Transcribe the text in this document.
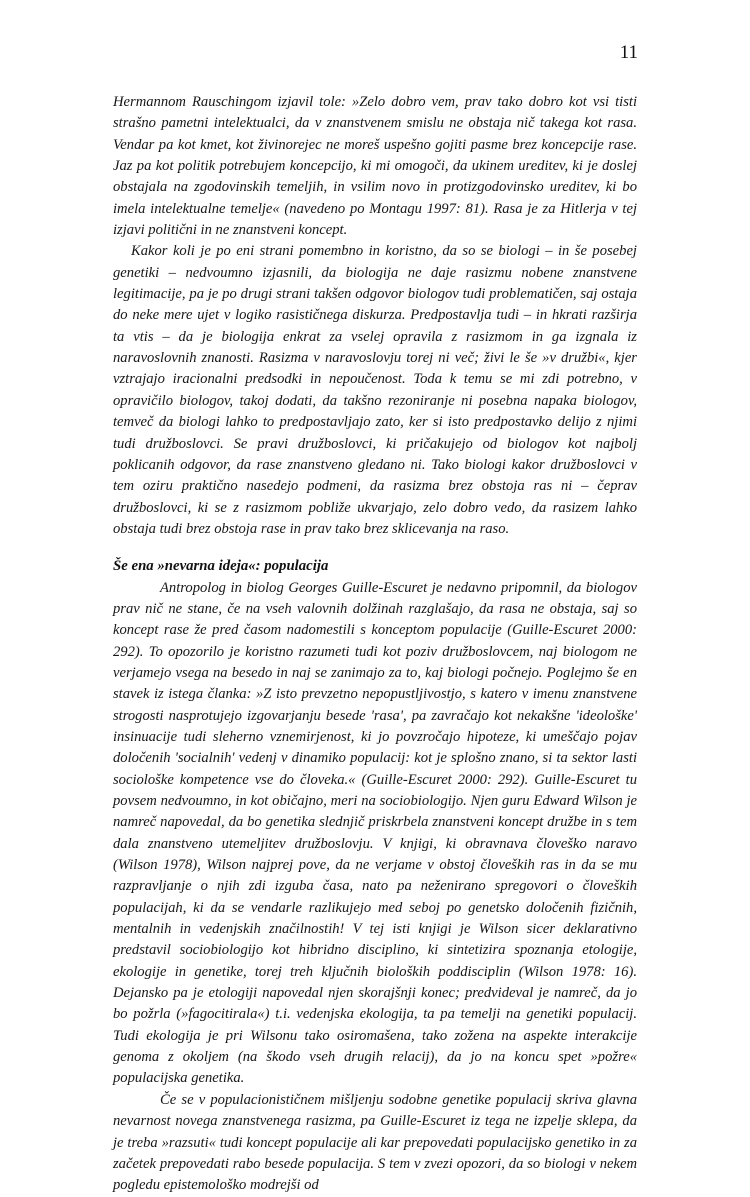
11

Hermannom Rauschingom izjavil tole: »Zelo dobro vem, prav tako dobro kot vsi tisti strašno pametni intelektualci, da v znanstvenem smislu ne obstaja nič takega kot rasa. Vendar pa kot kmet, kot živinorejec ne moreš uspešno gojiti pasme brez koncepcije rase. Jaz pa kot politik potrebujem koncepcijo, ki mi omogoči, da ukinem ureditev, ki je doslej obstajala na zgodovinskih temeljih, in vsilim novo in protizgodovinsko ureditev, ki bo imela intelektualne temelje« (navedeno po Montagu 1997: 81). Rasa je za Hitlerja v tej izjavi politični in ne znanstveni koncept.

Kakor koli je po eni strani pomembno in koristno, da so se biologi – in še posebej genetiki – nedvoumno izjasnili, da biologija ne daje rasizmu nobene znanstvene legitimacije, pa je po drugi strani takšen odgovor biologov tudi problematičen, saj ostaja do neke mere ujet v logiko rasističnega diskurza. Predpostavlja tudi – in hkrati razširja ta vtis – da je biologija enkrat za vselej opravila z rasizmom in ga izgnala iz naravoslovnih znanosti. Rasizma v naravoslovju torej ni več; živi le še »v družbi«, kjer vztrajajo iracionalni predsodki in nepoučenost. Toda k temu se mi zdi potrebno, v opravičilo biologov, takoj dodati, da takšno rezoniranje ni posebna napaka biologov, temveč da biologi lahko to predpostavljajo zato, ker si isto predpostavko delijo z njimi tudi družboslovci. Se pravi družboslovci, ki pričakujejo od biologov kot najbolj poklicanih odgovor, da rase znanstveno gledano ni. Tako biologi kakor družboslovci v tem oziru praktično nasedejo podmeni, da rasizma brez obstoja ras ni – čeprav družboslovci, ki se z rasizmom pobliže ukvarjajo, zelo dobro vedo, da rasizem lahko obstaja tudi brez obstoja rase in prav tako brez sklicevanja na raso.

Še ena »nevarna ideja«: populacija

Antropolog in biolog Georges Guille-Escuret je nedavno pripomnil, da biologov prav nič ne stane, če na vseh valovnih dolžinah razglašajo, da rasa ne obstaja, saj so koncept rase že pred časom nadomestili s konceptom populacije (Guille-Escuret 2000: 292). To opozorilo je koristno razumeti tudi kot poziv družboslovcem, naj biologom ne verjamejo vsega na besedo in naj se zanimajo za to, kaj biologi počnejo. Poglejmo še en stavek iz istega članka: »Z isto prevzetno nepopustljivostjo, s katero v imenu znanstvene strogosti nasprotujejo izgovarjanju besede 'rasa', pa zavračajo kot nekakšne 'ideološke' insinuacije tudi sleherno vznemirjenost, ki jo povzročajo hipoteze, ki umeščajo pojav določenih 'socialnih' vedenj v dinamiko populacij: kot je splošno znano, si ta sektor lasti sociološke kompetence vse do človeka.« (Guille-Escuret 2000: 292). Guille-Escuret tu povsem nedvoumno, in kot običajno, meri na sociobiologijo. Njen guru Edward Wilson je namreč napovedal, da bo genetika slednjič priskrbela znanstveni koncept družbe in s tem dala znanstveno utemeljitev družboslovju. V knjigi, ki obravnava človeško naravo (Wilson 1978), Wilson najprej pove, da ne verjame v obstoj človeških ras in da se mu razpravljanje o njih zdi izguba časa, nato pa neženirano spregovori o človeških populacijah, ki da se vendarle razlikujejo med seboj po genetsko določenih fizičnih, mentalnih in vedenjskih značilnostih! V tej isti knjigi je Wilson sicer deklarativno predstavil sociobiologijo kot hibridno disciplino, ki sintetizira spoznanja etologije, ekologije in genetike, torej treh ključnih bioloških poddisciplin (Wilson 1978: 16). Dejansko pa je etologiji napovedal njen skorajšnji konec; predvideval je namreč, da jo bo požrla (»fagocitirala«) t.i. vedenjska ekologija, ta pa temelji na genetiki populacij. Tudi ekologija je pri Wilsonu tako osiromašena, tako zožena na aspekte interakcije genoma z okoljem (na škodo vseh drugih relacij), da jo na koncu spet »požre« populacijska genetika.

Če se v populacionističnem mišljenju sodobne genetike populacij skriva glavna nevarnost novega znanstvenega rasizma, pa Guille-Escuret iz tega ne izpelje sklepa, da je treba »razsuti« tudi koncept populacije ali kar prepovedati populacijsko genetiko in za začetek prepovedati rabo besede populacija. S tem v zvezi opozori, da so biologi v nekem pogledu epistemološko modrejši od
